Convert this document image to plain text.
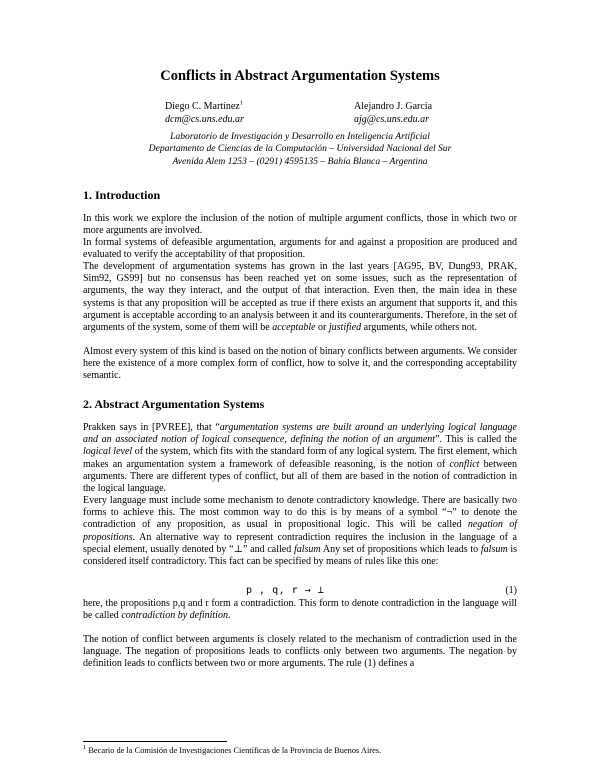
Conflicts in Abstract Argumentation Systems
Diego C. Martínez$^1$
dcm@cs.uns.edu.ar
Alejandro J. García
ajg@cs.uns.edu.ar
Laboratorio de Investigación y Desarrollo en Inteligencia Artificial
Departamento de Ciencias de la Computación – Universidad Nacional del Sur
Avenida Alem 1253 – (0291) 4595135 – Bahía Blanca – Argentina
1. Introduction

In this work we explore the inclusion of the notion of multiple argument conflicts, those in which two or more arguments are involved.

In formal systems of defeasible argumentation, arguments for and against a proposition are produced and evaluated to verify the acceptability of that proposition.

The development of argumentation systems has grown in the last years [AG95, BV, Dung93, PRAK, Sim92, GS99] but no consensus has been reached yet on some issues, such as the representation of arguments, the way they interact, and the output of that interaction. Even then, the main idea in these systems is that any proposition will be accepted as true if there exists an argument that supports it, and this argument is acceptable according to an analysis between it and its counterarguments. Therefore, in the set of arguments of the system, some of them will be acceptable or justified arguments, while others not.

Almost every system of this kind is based on the notion of binary conflicts between arguments. We consider here the existence of a more complex form of conflict, how to solve it, and the corresponding acceptability semantic.

2. Abstract Argumentation Systems

Prakken says in [PVREE], that “argumentation systems are built around an underlying logical language and an associated notion of logical consequence, defining the notion of an argument”. This is called the logical level of the system, which fits with the standard form of any logical system. The first element, which makes an argumentation system a framework of defeasible reasoning, is the notion of conflict between arguments. There are different types of conflict, but all of them are based in the notion of contradiction in the logical language.

Every language must include some mechanism to denote contradictory knowledge. There are basically two forms to achieve this. The most common way to do this is by means of a symbol “¬” to denote the contradiction of any proposition, as usual in propositional logic. This will be called negation of propositions. An alternative way to represent contradiction requires the inclusion in the language of a special element, usually denoted by “⊥” and called falsum Any set of propositions which leads to falsum is considered itself contradictory. This fact can be specified by means of rules like this one:

p , q, r → ⊥	(1)

here, the propositions p,q and r form a contradiction. This form to denote contradiction in the language will be called contradiction by definition.

The notion of conflict between arguments is closely related to the mechanism of contradiction used in the language. The negation of propositions leads to conflicts only between two arguments. The negation by definition leads to conflicts between two or more arguments. The rule (1) defines a

$^1$ Becario de la Comisión de Investigaciones Científicas de la Provincia de Buenos Aires.
